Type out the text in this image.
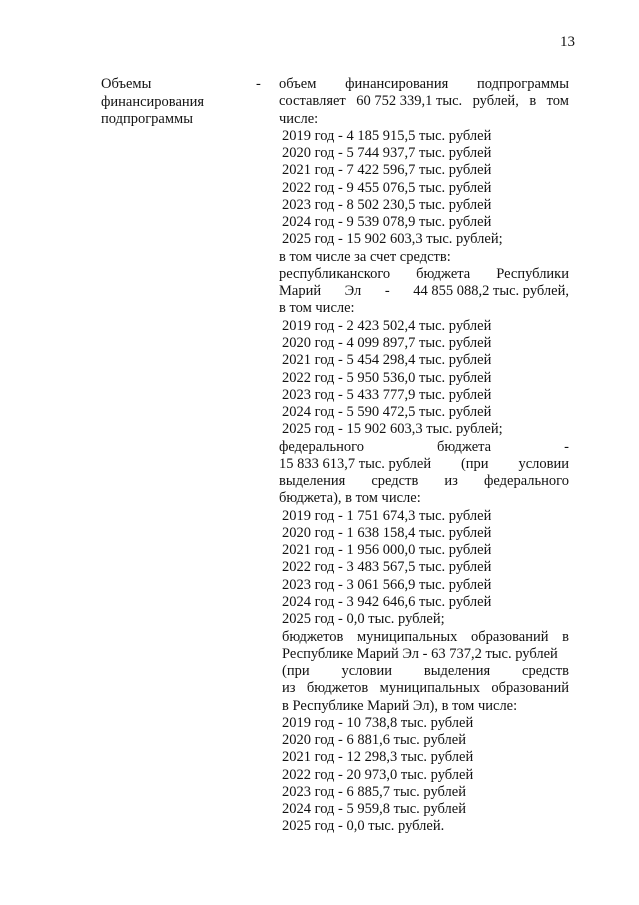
13
Объемы
финансирования
подпрограммы
- объем финансирования подпрограммы
составляет 60 752 339,1 тыс. рублей, в том
числе:
2019 год - 4 185 915,5 тыс. рублей
2020 год - 5 744 937,7 тыс. рублей
2021 год - 7 422 596,7 тыс. рублей
2022 год - 9 455 076,5 тыс. рублей
2023 год - 8 502 230,5 тыс. рублей
2024 год - 9 539 078,9 тыс. рублей
2025 год - 15 902 603,3 тыс. рублей;
в том числе за счет средств:
республиканского бюджета Республики
Марий Эл - 44 855 088,2 тыс. рублей,
в том числе:
2019 год - 2 423 502,4 тыс. рублей
2020 год - 4 099 897,7 тыс. рублей
2021 год - 5 454 298,4 тыс. рублей
2022 год - 5 950 536,0 тыс. рублей
2023 год - 5 433 777,9 тыс. рублей
2024 год - 5 590 472,5 тыс. рублей
2025 год - 15 902 603,3 тыс. рублей;
федерального	бюджета	-
15 833 613,7 тыс. рублей (при условии
выделения средств из федерального
бюджета), в том числе:
2019 год - 1 751 674,3 тыс. рублей
2020 год - 1 638 158,4 тыс. рублей
2021 год - 1 956 000,0 тыс. рублей
2022 год - 3 483 567,5 тыс. рублей
2023 год - 3 061 566,9 тыс. рублей
2024 год - 3 942 646,6 тыс. рублей
2025 год - 0,0 тыс. рублей;
бюджетов муниципальных образований в
Республике Марий Эл - 63 737,2 тыс. рублей
(при условии выделения средств
из бюджетов муниципальных образований
в Республике Марий Эл), в том числе:
2019 год - 10 738,8 тыс. рублей
2020 год - 6 881,6 тыс. рублей
2021 год - 12 298,3 тыс. рублей
2022 год - 20 973,0 тыс. рублей
2023 год - 6 885,7 тыс. рублей
2024 год - 5 959,8 тыс. рублей
2025 год - 0,0 тыс. рублей.
